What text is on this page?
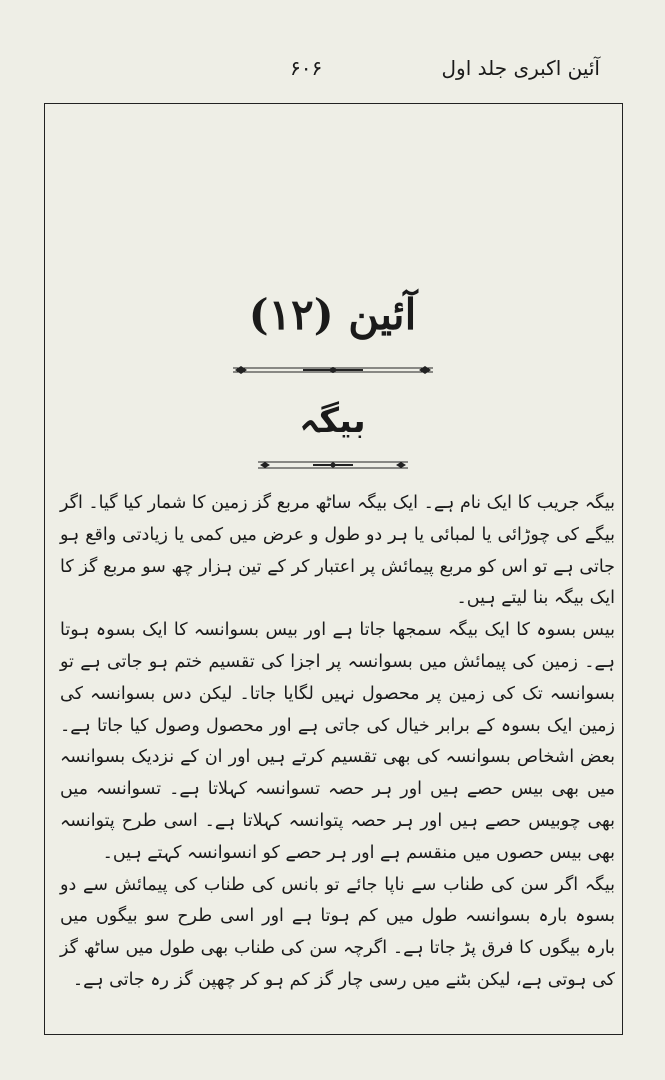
آئین اکبری جلد اول
۶۰۶
آئین (۱۲)
بیگہ

بیگہ جریب کا ایک نام ہے۔ ایک بیگہ ساٹھ مربع گز زمین کا شمار کیا گیا۔ اگر بیگے کی چوڑائی یا لمبائی یا ہر دو طول و عرض میں کمی یا زیادتی واقع ہو جاتی ہے تو اس کو مربع پیمائش پر اعتبار کر کے تین ہزار چھ سو مربع گز کا ایک بیگہ بنا لیتے ہیں۔

بیس بسوہ کا ایک بیگہ سمجھا جاتا ہے اور بیس بسوانسہ کا ایک بسوہ ہوتا ہے۔ زمین کی پیمائش میں بسوانسہ پر اجزا کی تقسیم ختم ہو جاتی ہے تو بسوانسہ تک کی زمین پر محصول نہیں لگایا جاتا۔ لیکن دس بسوانسہ کی زمین ایک بسوہ کے برابر خیال کی جاتی ہے اور محصول وصول کیا جاتا ہے۔ بعض اشخاص بسوانسہ کی بھی تقسیم کرتے ہیں اور ان کے نزدیک بسوانسہ میں بھی بیس حصے ہیں اور ہر حصہ تسوانسہ کہلاتا ہے۔ تسوانسہ میں بھی چوبیس حصے ہیں اور ہر حصہ پتوانسہ کہلاتا ہے۔ اسی طرح پتوانسہ بھی بیس حصوں میں منقسم ہے اور ہر حصے کو انسوانسہ کہتے ہیں۔

بیگہ اگر سن کی طناب سے ناپا جائے تو بانس کی طناب کی پیمائش سے دو بسوہ بارہ بسوانسہ طول میں کم ہوتا ہے اور اسی طرح سو بیگوں میں بارہ بیگوں کا فرق پڑ جاتا ہے۔ اگرچہ سن کی طناب بھی طول میں ساٹھ گز کی ہوتی ہے، لیکن بٹنے میں رسی چار گز کم ہو کر چھپن گز رہ جاتی ہے۔
